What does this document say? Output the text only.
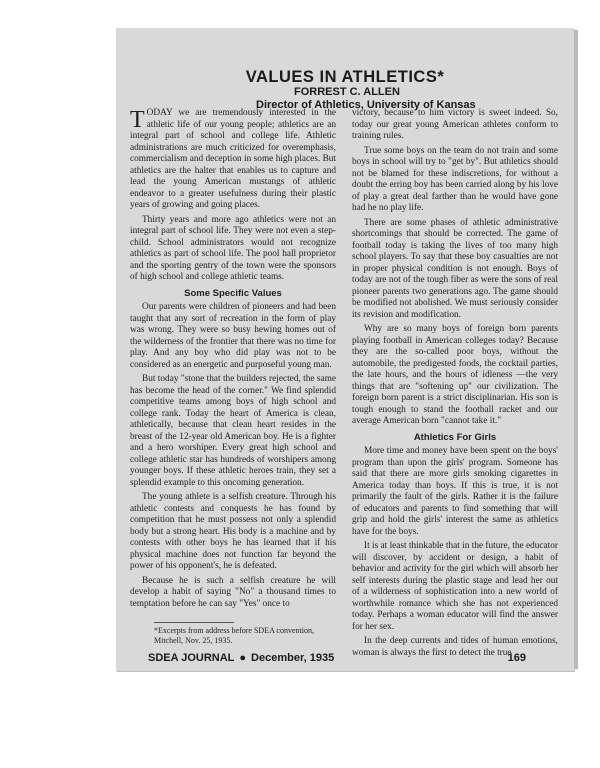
VALUES IN ATHLETICS*
FORREST C. ALLEN
Director of Athletics, University of Kansas

TODAY we are tremendously interested in the athletic life of our young people; athletics are an integral part of school and college life. Athletic administrations are much criticized for overemphasis, commercialism and deception in some high places. But athletics are the halter that enables us to capture and lead the young American mustangs of athletic endeavor to a greater usefulness during their plastic years of growing and going places.

Thirty years and more ago athletics were not an integral part of school life. They were not even a step-child. School administrators would not recognize athletics as part of school life. The pool hall proprietor and the sporting gentry of the town were the sponsors of high school and college athletic teams.

Some Specific Values

Our parents were children of pioneers and had been taught that any sort of recreation in the form of play was wrong. They were so busy hewing homes out of the wilderness of the frontier that there was no time for play. And any boy who did play was not to be considered as an energetic and purposeful young man.

But today "stone that the builders rejected, the same has become the head of the corner." We find splendid competitive teams among boys of high school and college rank. Today the heart of America is clean, athletically, because that clean heart resides in the breast of the 12-year old American boy. He is a fighter and a hero worshiper. Every great high school and college athletic star has hundreds of worshipers among younger boys. If these athletic heroes train, they set a splendid example to this oncoming generation.

The young athlete is a selfish creature. Through his athletic contests and conquests he has found by competition that he must possess not only a splendid body but a strong heart. His body is a machine and by contests with other boys he has learned that if his physical machine does not function far beyond the power of his opponent's, he is defeated.

Because he is such a selfish creature he will develop a habit of saying "No" a thousand times to temptation before he can say "Yes" once to

victory, because to him victory is sweet indeed. So, today our great young American athletes conform to training rules.

True some boys on the team do not train and some boys in school will try to "get by". But athletics should not be blamed for these indiscretions, for without a doubt the erring boy has been carried along by his love of play a great deal farther than he would have gone had he no play life.

There are some phases of athletic administrative shortcomings that should be corrected. The game of football today is taking the lives of too many high school players. To say that these boy casualties are not in proper physical condition is not enough. Boys of today are not of the tough fiber as were the sons of real pioneer parents two generations ago. The game should be modified not abolished. We must seriously consider its revision and modification.

Why are so many boys of foreign born parents playing football in American colleges today? Because they are the so-called poor boys, without the automobile, the predigested foods, the cocktail parties, the late hours, and the hours of idleness —the very things that are "softening up" our civilization. The foreign born parent is a strict disciplinarian. His son is tough enough to stand the football racket and our average American born "cannot take it."

Athletics For Girls

More time and money have been spent on the boys' program than upon the girls' program. Someone has said that there are more girls smoking cigarettes in America today than boys. If this is true, it is not primarily the fault of the girls. Rather it is the failure of educators and parents to find something that will grip and hold the girls' interest the same as athletics have for the boys.

It is at least thinkable that in the future, the educator will discover, by accident or design, a habit of behavior and activity for the girl which will absorb her self interests during the plastic stage and lead her out of a wilderness of sophistication into a new world of worthwhile romance which she has not experienced today. Perhaps a woman educator will find the answer for her sex.

In the deep currents and tides of human emotions, woman is always the first to detect the true

*Excerpts from address before SDEA convention, Mitchell, Nov. 25, 1935.
SDEA JOURNAL ● December, 1935	169
